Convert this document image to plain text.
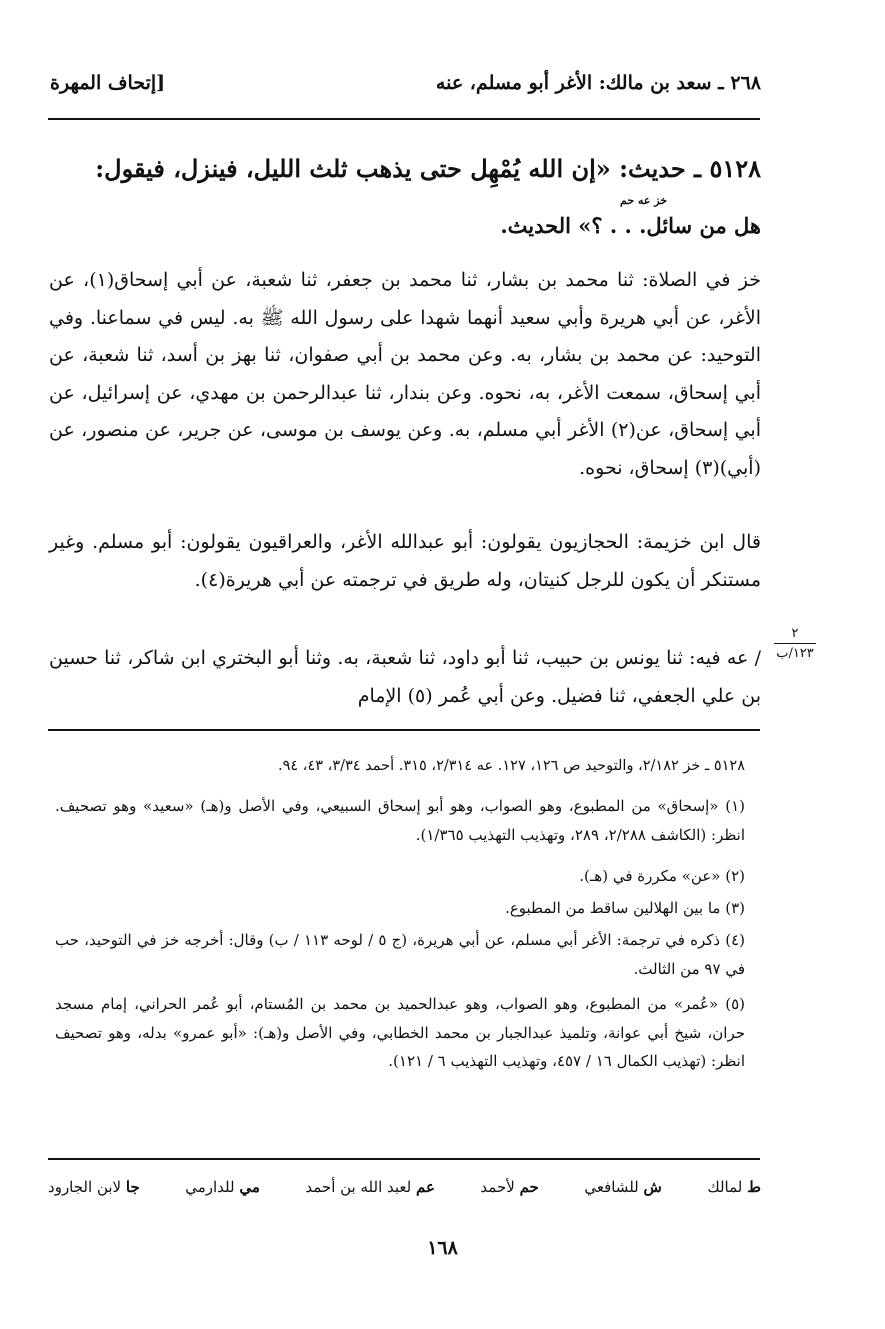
٢٦٨ ـ سعد بن مالك: الأغر أبو مسلم، عنه
[إتحاف المهرة
٥١٢٨ ـ حديث: «إن الله يُمْهِل حتى يذهب ثلث الليل، فينزل، فيقول:
خز عه حم
هل من سائل. . . ؟» الحديث.
خز في الصلاة: ثنا محمد بن بشار، ثنا محمد بن جعفر، ثنا شعبة، عن أبي إسحاق(١)، عن الأغر، عن أبي هريرة وأبي سعيد أنهما شهدا على رسول الله ﷺ به. ليس في سماعنا. وفي التوحيد: عن محمد بن بشار، به. وعن محمد بن أبي صفوان، ثنا بهز بن أسد، ثنا شعبة، عن أبي إسحاق، سمعت الأغر، به، نحوه. وعن بندار، ثنا عبدالرحمن بن مهدي، عن إسرائيل، عن أبي إسحاق، عن(٢) الأغر أبي مسلم، به. وعن يوسف بن موسى، عن جرير، عن منصور، عن (أبي)(٣) إسحاق، نحوه.
قال ابن خزيمة: الحجازيون يقولون: أبو عبدالله الأغر، والعراقيون يقولون: أبو مسلم. وغير مستنكر أن يكون للرجل كنيتان، وله طريق في ترجمته عن أبي هريرة(٤).
/ عه فيه: ثنا يونس بن حبيب، ثنا أبو داود، ثنا شعبة، به. وثنا أبو البختري ابن شاكر، ثنا حسين بن علي الجعفي، ثنا فضيل. وعن أبي عُمر (٥) الإمام
٢
١٢٣/ب
٥١٢٨ ـ خز ٢/١٨٢، والتوحيد ص ١٢٦، ١٢٧. عه ٢/٣١٤، ٣١٥. أحمد ٣/٣٤، ٤٣، ٩٤.
(١) «إسحاق» من المطبوع، وهو الصواب، وهو أبو إسحاق السبيعي، وفي الأصل و(هـ) «سعيد» وهو تصحيف. انظر: (الكاشف ٢/٢٨٨، ٢٨٩، وتهذيب التهذيب ١/٣٦٥).
(٢) «عن» مكررة في (هـ).
(٣) ما بين الهلالين ساقط من المطبوع.
(٤) ذكره في ترجمة: الأغر أبي مسلم، عن أبي هريرة، (ج ٥ / لوحه ١١٣ / ب) وقال: أخرجه خز في التوحيد، حب في ٩٧ من الثالث.
(٥) «عُمر» من المطبوع، وهو الصواب، وهو عبدالحميد بن محمد بن المُستام، أبو عُمر الحراني، إمام مسجد حران، شيخ أبي عوانة، وتلميذ عبدالجبار بن محمد الخطابي، وفي الأصل و(هـ): «أبو عمرو» بدله، وهو تصحيف انظر: (تهذيب الكمال ١٦ / ٤٥٧، وتهذيب التهذيب ٦ / ١٢١).
ط لمالك
ش للشافعي
حم لأحمد
عم لعبد الله بن أحمد
مي للدارمي
جا لابن الجارود
١٦٨
